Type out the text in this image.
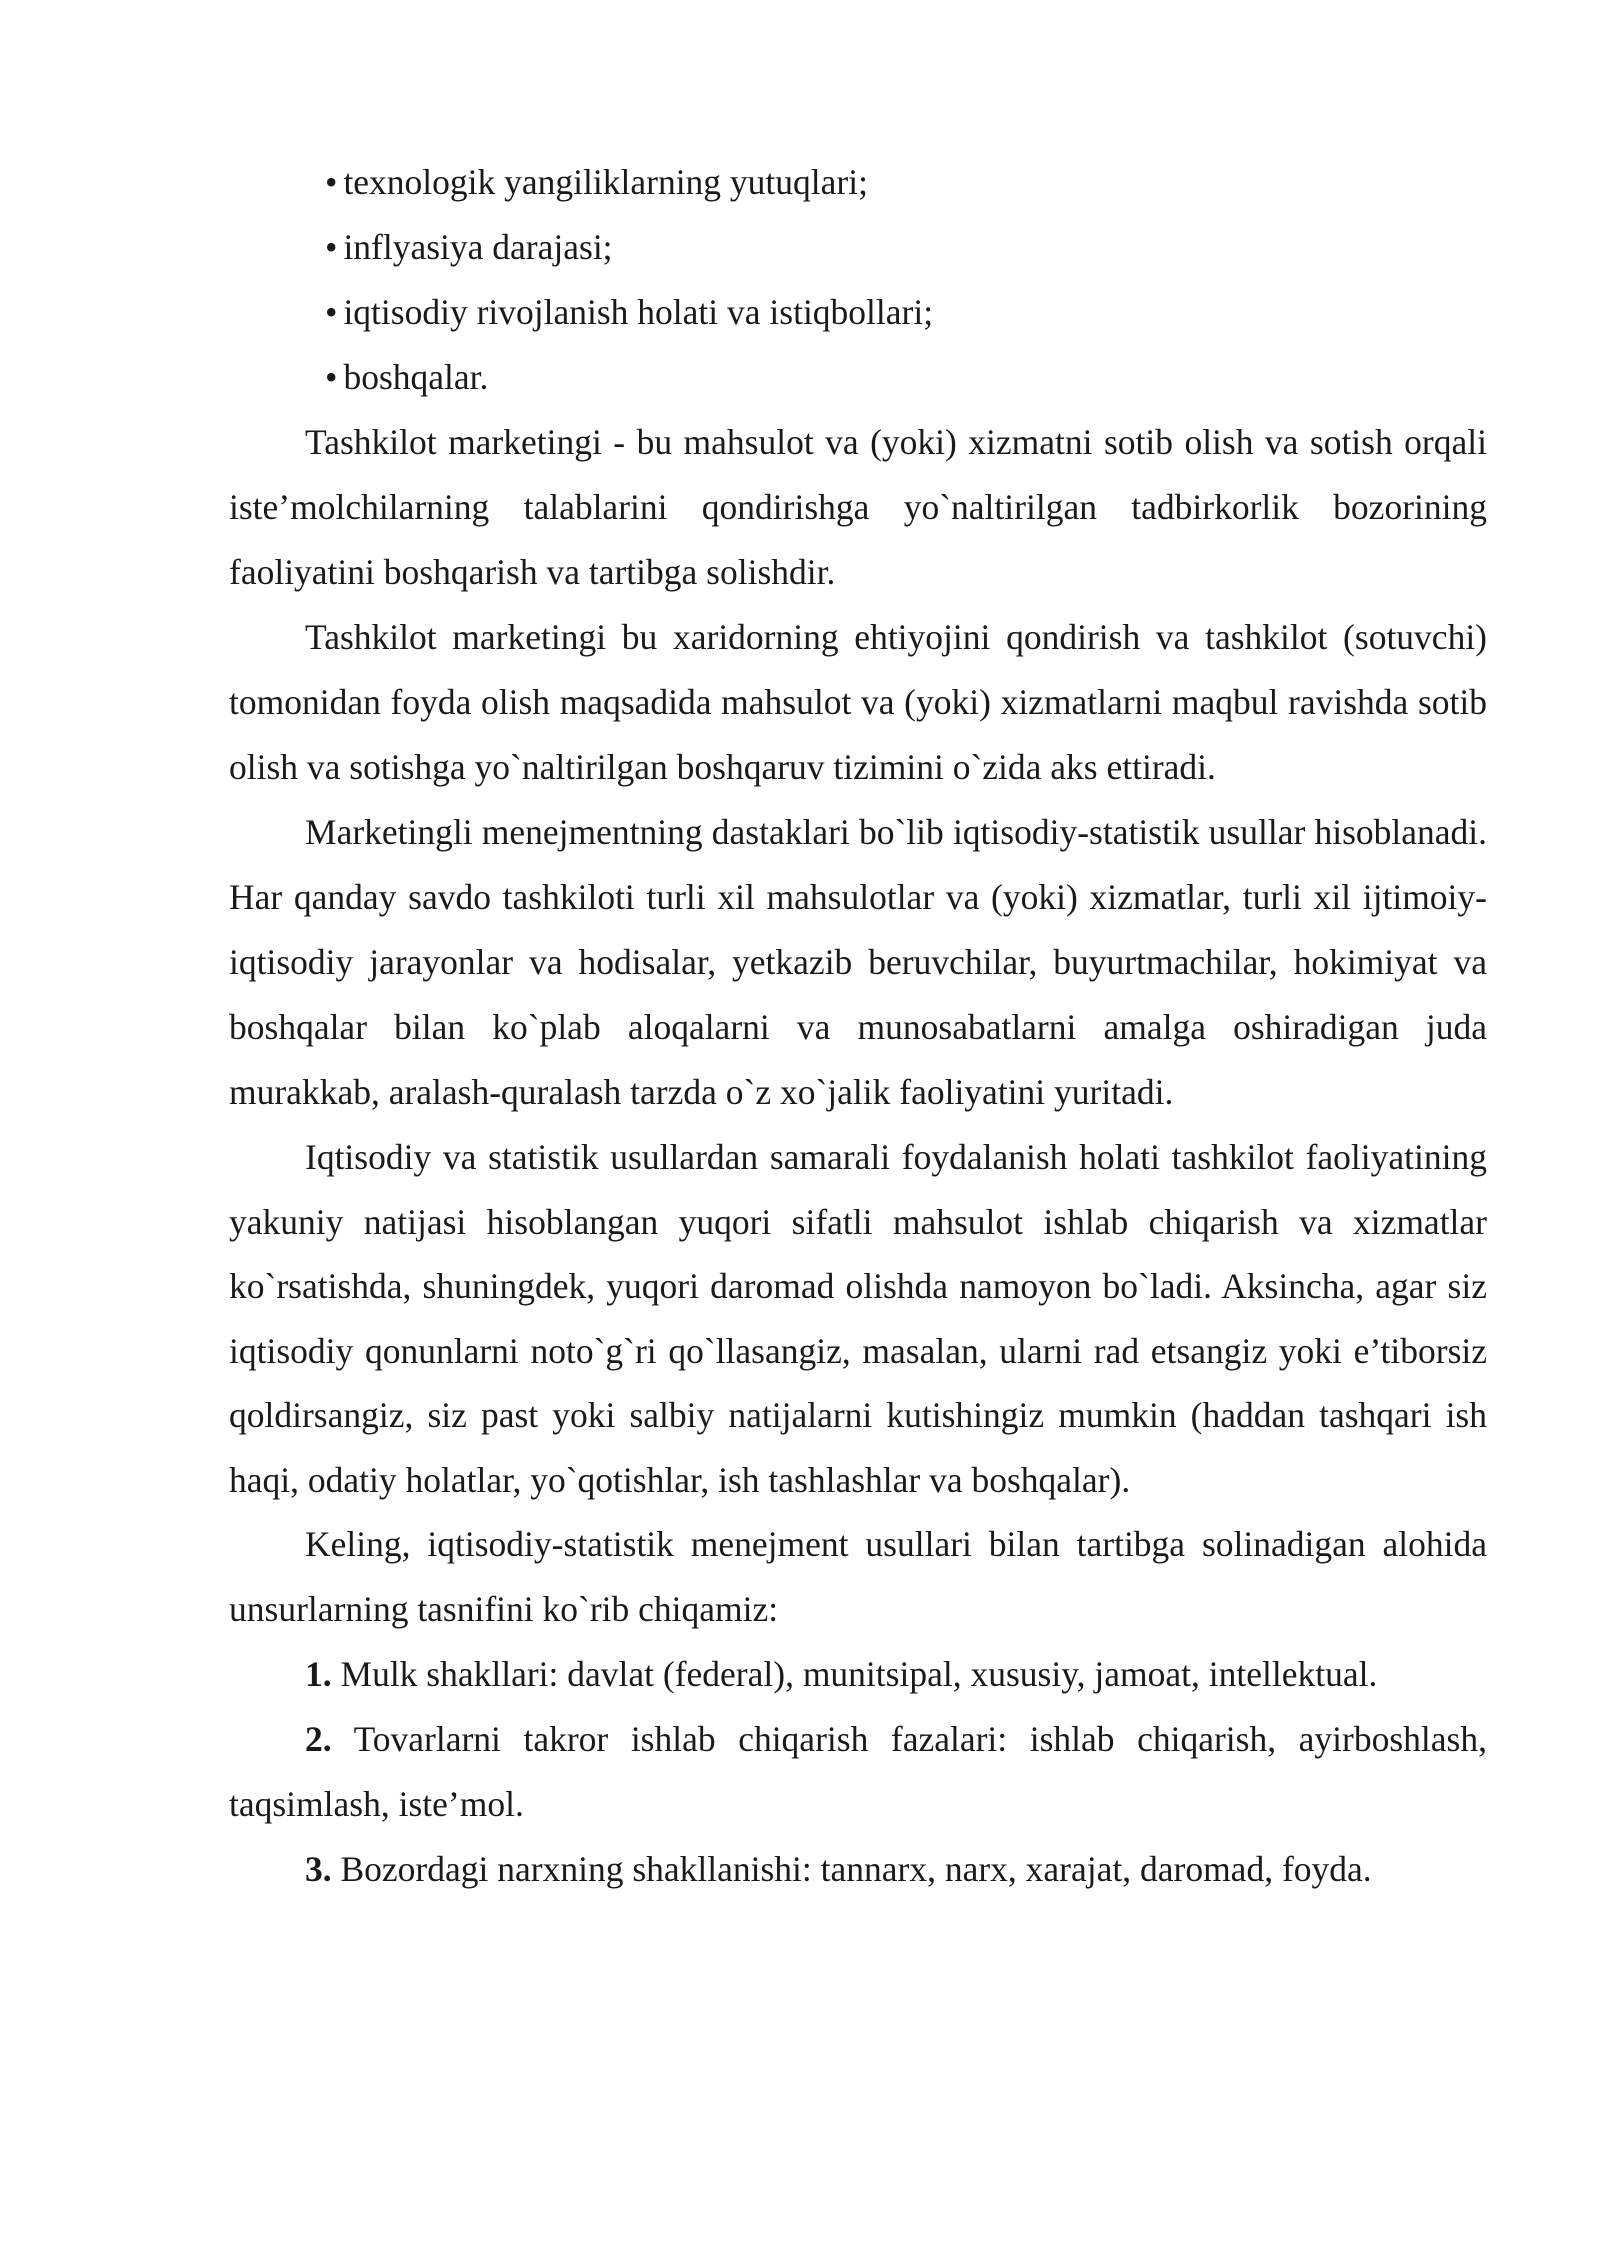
• texnologik yangiliklarning yutuqlari;
• inflyasiya darajasi;
• iqtisodiy rivojlanish holati va istiqbollari;
• boshqalar.

Tashkilot marketingi - bu mahsulot va (yoki) xizmatni sotib olish va sotish orqali iste’molchilarning talablarini qondirishga yo`naltirilgan tadbirkorlik bozorining faoliyatini boshqarish va tartibga solishdir.

Tashkilot marketingi bu xaridorning ehtiyojini qondirish va tashkilot (sotuvchi) tomonidan foyda olish maqsadida mahsulot va (yoki) xizmatlarni maqbul ravishda sotib olish va sotishga yo`naltirilgan boshqaruv tizimini o`zida aks ettiradi.

Marketingli menejmentning dastaklari bo`lib iqtisodiy-statistik usullar hisoblanadi. Har qanday savdo tashkiloti turli xil mahsulotlar va (yoki) xizmatlar, turli xil ijtimoiy-iqtisodiy jarayonlar va hodisalar, yetkazib beruvchilar, buyurtmachilar, hokimiyat va boshqalar bilan ko`plab aloqalarni va munosabatlarni amalga oshiradigan juda murakkab, aralash-quralash tarzda o`z xo`jalik faoliyatini yuritadi.

Iqtisodiy va statistik usullardan samarali foydalanish holati tashkilot faoliyatining yakuniy natijasi hisoblangan yuqori sifatli mahsulot ishlab chiqarish va xizmatlar ko`rsatishda, shuningdek, yuqori daromad olishda namoyon bo`ladi. Aksincha, agar siz iqtisodiy qonunlarni noto`g`ri qo`llasangiz, masalan, ularni rad etsangiz yoki e’tiborsiz qoldirsangiz, siz past yoki salbiy natijalarni kutishingiz mumkin (haddan tashqari ish haqi, odatiy holatlar, yo`qotishlar, ish tashlashlar va boshqalar).

Keling, iqtisodiy-statistik menejment usullari bilan tartibga solinadigan alohida unsurlarning tasnifini ko`rib chiqamiz:

1. Mulk shakllari: davlat (federal), munitsipal, xususiy, jamoat, intellektual.

2. Tovarlarni takror ishlab chiqarish fazalari: ishlab chiqarish, ayirboshlash, taqsimlash, iste’mol.

3. Bozordagi narxning shakllanishi: tannarx, narx, xarajat, daromad, foyda.
